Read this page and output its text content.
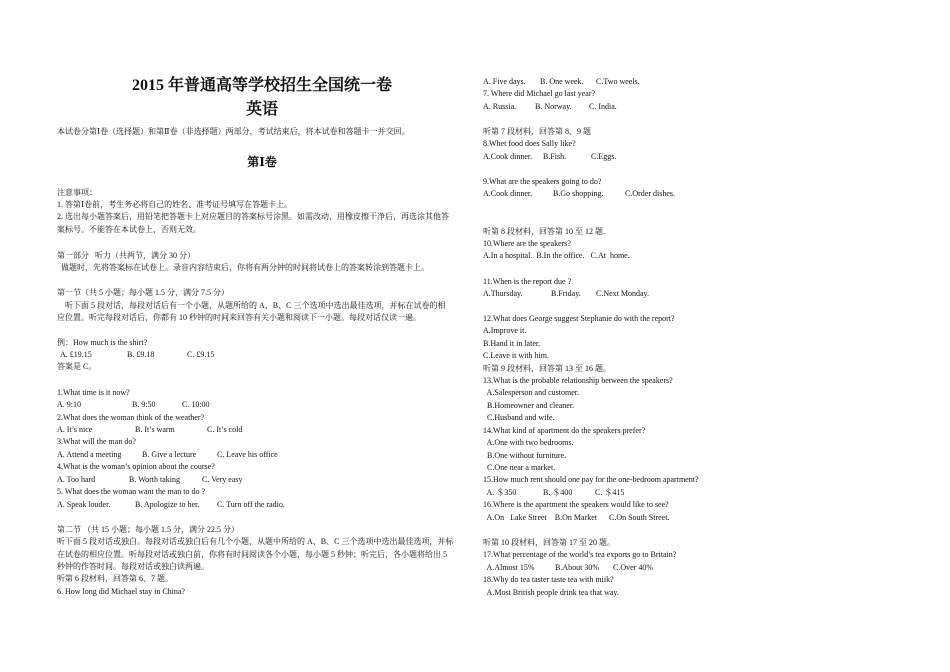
2015 年普通高等学校招生全国统一卷
英语
本试卷分第Ⅰ卷（选择题）和第Ⅱ卷（非选择题）两部分，考试结束后，将本试卷和答题卡一并交回。
第Ⅰ卷
注意事项：
1. 答第Ⅰ卷前，考生务必将自己的姓名、准考证号填写在答题卡上。
2. 选出每小题答案后，用铅笔把答题卡上对应题目的答案标号涂黑。如需改动，用橡皮擦干净后，再选涂其他答
案标号。不能答在本试卷上，否则无效。
第一部分   听力（共两节，满分 30 分）
做题时，先将答案标在试卷上。录音内容结束后，你将有两分钟的时间将试卷上的答案转涂到答题卡上。
第一节（共 5 小题；每小题 1.5 分，满分 7.5 分）
听下面 5 段对话，每段对话后有一个小题，从题所给的 A、B、C 三个选项中选出最佳选项，并标在试卷的相
应位置。听完每段对话后，你都有 10 秒钟的时间来回答有关小题和阅读下一小题。每段对话仅读一遍。
例：How much is the shirt?
A. £19.15	B. £9.18	C. £9.15
答案是 C。
1.What time is it now?
A. 9:10	B. 9:50	C. 10:00
2.What does the woman think of the weather?
A. It’s nice	B. It’s warm	C. It’s cold
3.What will the man do?
A. Attend a meeting	B. Give a lecture	C. Leave his office
4.What is the woman’s opinion about the course?
A. Too hard	B. Worth taking	C. Very easy
5. What does the woman want the man to do ?
A. Speak louder.	B. Apologize to her. C. Turn off the radio.
第二节 （共 15 小题；每小题 1.5 分，满分 22.5 分）
听下面 5 段对话或独白。每段对话或独白后有几个小题，从题中所给的 A、B、C 三个选项中选出最佳选项，并标
在试卷的相应位置。听每段对话或独白前，你将有时间阅读各个小题，每小题 5 秒钟；听完后，各小题将给出 5
秒钟的作答时间。每段对话或独白读两遍。
听第 6 段材料，回答第 6、7 题。
6. How long did Michael stay in China?
A. Five days. B. One week. C.Two weels.
7. Where did Michael go last year?
A. Russia. B. Norway. C. India.
听第 7 段材料，回答第 8、9 题
8.Whet food does Sally like?
A.Cook dinner. B.Fish.	C.Eggs.
9.What are the speakers going to do?
A.Cook dinner.	B.Go shopping.	C.Order dishes.
听第 8 段材料，回答第 10 至 12 题.
10.Where are the speakers?
A.In a hospital.  B.In the office.   C.At  home.
11.When is the report due ?
A.Thursday.	B.Friday. C.Next Monday.
12.What does George suggest Stephanie do with the report?
A.Improve it.
B.Hand it in later.
C.Leave it with him.
听第 9 段材料，回答第 13 至 16 题。
13.What is the probable relationship between the speakers?
A.Salesperson and customer.
B.Homeowner and cleaner.
C.Husband and wife.
14.What kind of apartment do the speakers prefer?
A.One with two bedrooms.
B.One without furniture.
C.One near a market.
15.How much rent should one pay for the one-bedroom apartment?
A. ＄350	B. ＄400	C. ＄415
16.Where is the apartment the speakers would like to see?
A.On   Lake Street    B.On Market      C.On South Street.
听第 10 段材料，回答第 17 至 20 题。
17.What percentage of the world’s tea exports go to Britain?
A.Almost 15%	B.About 30% C.Over 40%
18.Why do tea taster taste tea with miik?
A.Most British people drink tea that way.
